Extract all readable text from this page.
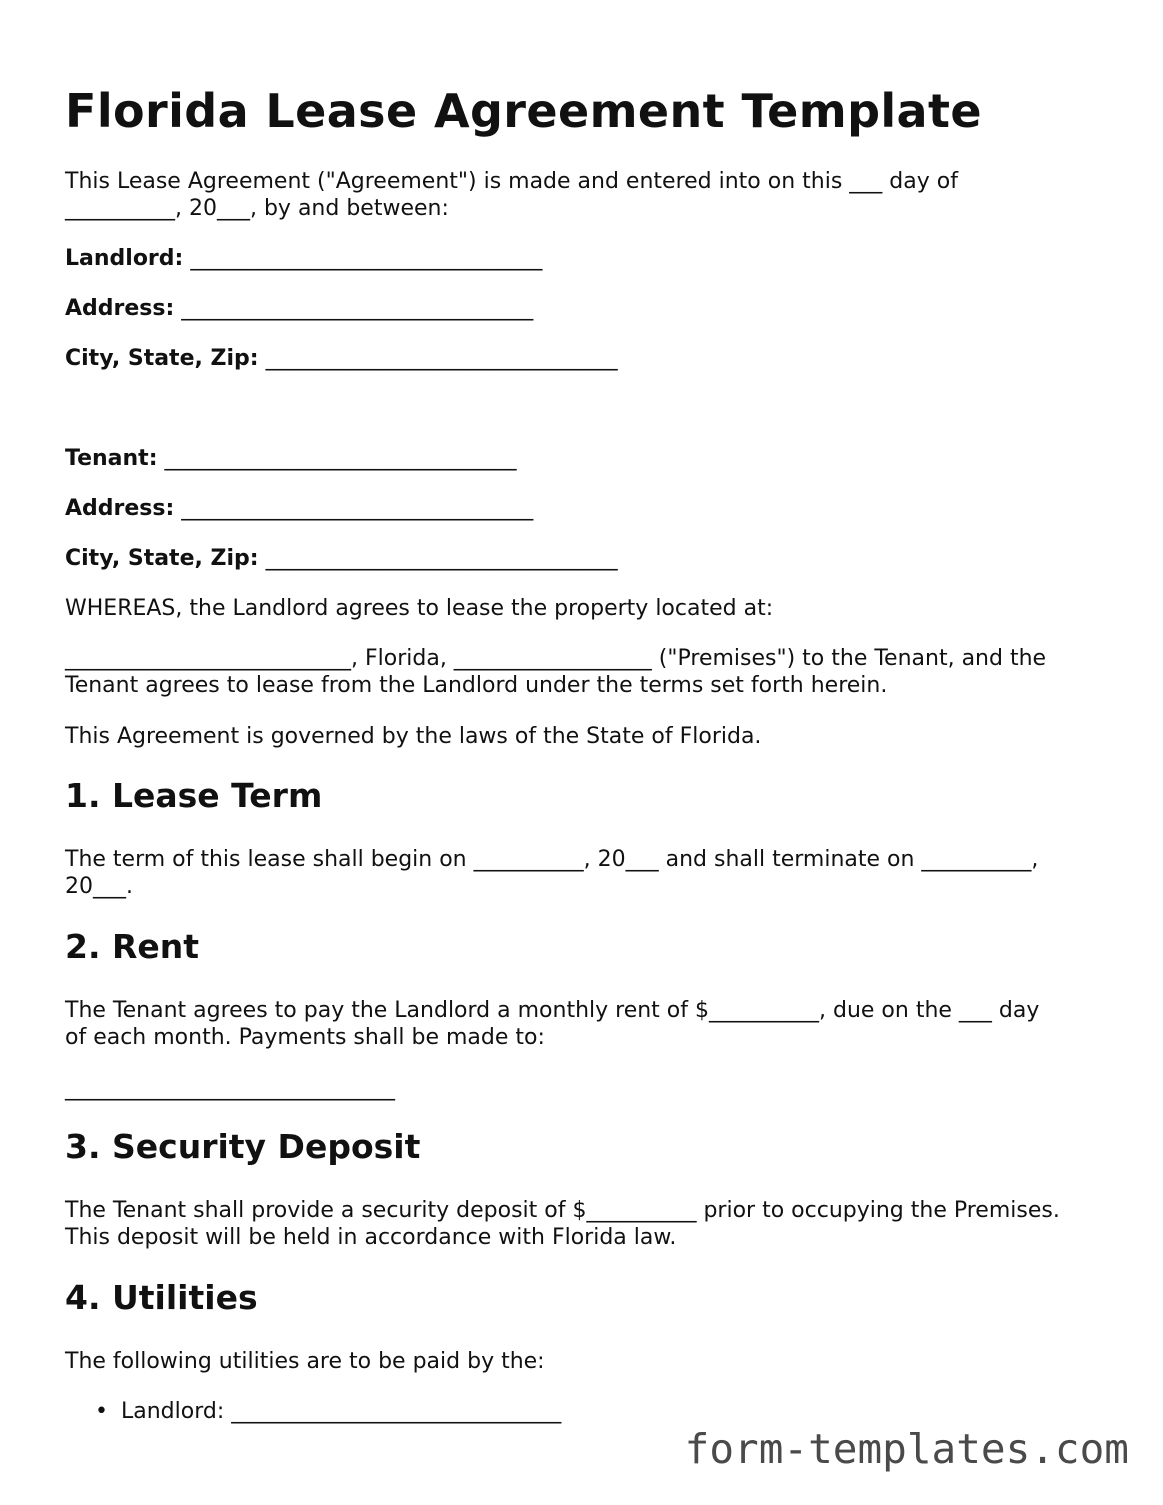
Florida Lease Agreement Template
This Lease Agreement ("Agreement") is made and entered into on this ___ day of
__________, 20___, by and between:
Landlord: ________________________________
Address: ________________________________
City, State, Zip: ________________________________
Tenant: ________________________________
Address: ________________________________
City, State, Zip: ________________________________
WHEREAS, the Landlord agrees to lease the property located at:
__________________________, Florida, __________________ ("Premises") to the Tenant, and the
Tenant agrees to lease from the Landlord under the terms set forth herein.
This Agreement is governed by the laws of the State of Florida.
1. Lease Term
The term of this lease shall begin on __________, 20___ and shall terminate on __________,
20___.
2. Rent
The Tenant agrees to pay the Landlord a monthly rent of $__________, due on the ___ day
of each month. Payments shall be made to:
______________________________
3. Security Deposit
The Tenant shall provide a security deposit of $__________ prior to occupying the Premises.
This deposit will be held in accordance with Florida law.
4. Utilities
The following utilities are to be paid by the:
• Landlord: ______________________________
form-templates.com
